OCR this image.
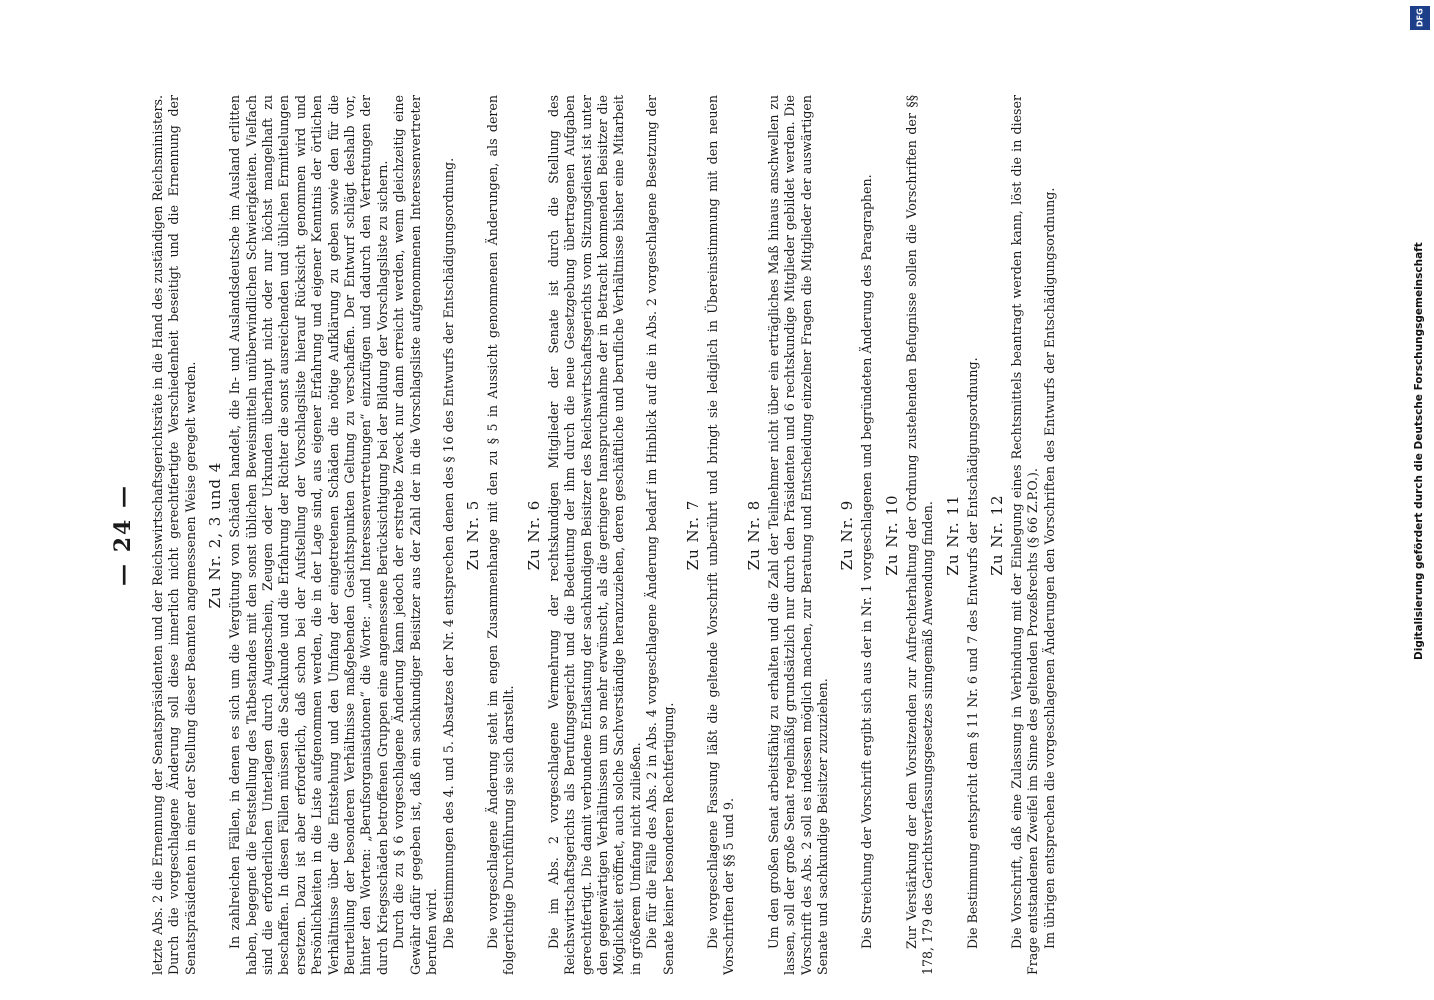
— 24 — letzte Abs. 2 die Ernennung der Senatspräsidenten und der Reichswirtschaftsgerichtsräte in die Hand des zuständigen Reichsministers. Durch die vorgeschlagene Änderung soll diese innerlich nicht gerechtfertigte Verschiedenheit beseitigt und die Ernennung der Senatspräsidenten in einer der Stellung dieser Beamten angemessenen Weise geregelt werden. Zu Nr. 2, 3 und 4 In zahlreichen Fällen, in denen es sich um die Vergütung von Schäden handelt, die In- und Auslandsdeutsche im Ausland erlitten haben, begegnet die Feststellung des Tatbestandes mit den sonst üblichen Beweismitteln unüberwindlichen Schwierigkeiten. Vielfach sind die erforderlichen Unterlagen durch Augenschein, Zeugen oder Urkunden überhaupt nicht oder nur höchst mangelhaft zu beschaffen. In diesen Fällen müssen die Sachkunde und die Erfahrung der Richter die sonst ausreichenden und üblichen Ermittelungen ersetzen. Dazu ist aber erforderlich, daß schon bei der Aufstellung der Vorschlagsliste hierauf Rücksicht genommen wird und Persönlichkeiten in die Liste aufgenommen werden, die in der Lage sind, aus eigener Erfahrung und eigener Kenntnis der örtlichen Verhältnisse über die Entstehung und den Umfang der eingetretenen Schäden die nötige Aufklärung zu geben sowie den für die Beurteilung der besonderen Verhältnisse maßgebenden Gesichtspunkten Geltung zu verschaffen. Der Entwurf schlägt deshalb vor, hinter den Worten: „Berufsorganisationen“ die Worte: „und Interessenvertretungen“ einzufügen und dadurch den Vertretungen der durch Kriegsschäden betroffenen Gruppen eine angemessene Berücksichtigung bei der Bildung der Vorschlagsliste zu sichern. Durch die zu § 6 vorgeschlagene Änderung kann jedoch der erstrebte Zweck nur dann erreicht werden, wenn gleichzeitig eine Gewähr dafür gegeben ist, daß ein sachkundiger Beisitzer aus der Zahl der in die Vorschlagsliste aufgenommenen Interessenvertreter berufen wird. Die Bestimmungen des 4. und 5. Absatzes der Nr. 4 entsprechen denen des § 16 des Entwurfs der Entschädigungsordnung. Zu Nr. 5 Die vorgeschlagene Änderung steht im engen Zusammenhange mit den zu § 5 in Aussicht genommenen Änderungen, als deren folgerichtige Durchführung sie sich darstellt.

Zu Nr. 6 Die im Abs. 2 vorgeschlagene Vermehrung der rechtskundigen Mitglieder der Senate ist durch die Stellung des Reichswirtschaftsgerichts als Berufungsgericht und die Bedeutung der ihm durch die neue Gesetzgebung übertragenen Aufgaben gerechtfertigt. Die damit verbundene Entlastung der sachkundigen Beisitzer des Reichswirtschaftsgerichts vom Sitzungsdienst ist unter den gegenwärtigen Verhältnissen um so mehr erwünscht, als die geringere Inanspruchnahme der in Betracht kommenden Beisitzer die Möglichkeit eröffnet, auch solche Sachverständige heranzuziehen, deren geschäftliche und berufliche Verhältnisse bisher eine Mitarbeit in größerem Umfang nicht zuließen. Die für die Fälle des Abs. 2 in Abs. 4 vorgeschlagene Änderung bedarf im Hinblick auf die in Abs. 2 vorgeschlagene Besetzung der Senate keiner besonderen Rechtfertigung.

Zu Nr. 7 Die vorgeschlagene Fassung läßt die geltende Vorschrift unberührt und bringt sie lediglich in Übereinstimmung mit den neuen Vorschriften der §§ 5 und 9.

Zu Nr. 8 Um den großen Senat arbeitsfähig zu erhalten und die Zahl der Teilnehmer nicht über ein erträgliches Maß hinaus anschwellen zu lassen, soll der große Senat regelmäßig grundsätzlich nur durch den Präsidenten und 6 rechtskundige Mitglieder gebildet werden. Die Vorschrift des Abs. 2 soll es indessen möglich machen, zur Beratung und Entscheidung einzelner Fragen die Mitglieder der auswärtigen Senate und sachkundige Beisitzer zuzuziehen.

Zu Nr. 9 Die Streichung der Vorschrift ergibt sich aus der in Nr. 1 vorgeschlagenen und begründeten Änderung des Paragraphen. Zu Nr. 10 Zur Verstärkung der dem Vorsitzenden zur Aufrechterhaltung der Ordnung zustehenden Befugnisse sollen die Vorschriften der §§ 178, 179 des Gerichtsverfassungsgesetzes sinngemäß Anwendung finden. Zu Nr. 11 Die Bestimmung entspricht dem § 11 Nr. 6 und 7 des Entwurfs der Entschädigungsordnung. Zu Nr. 12 Die Vorschrift, daß eine Zulassung in Verbindung mit der Einlegung eines Rechtsmittels beantragt werden kann, löst die in dieser Frage entstandenen Zweifel im Sinne des geltenden Prozeßrechts (§ 66 Z.P.O.). Im übrigen entsprechen die vorgeschlagenen Änderungen den Vorschriften des Entwurfs der Entschädigungsordnung.

DFG
Digitalisierung gefördert durch die Deutsche Forschungsgemeinschaft
